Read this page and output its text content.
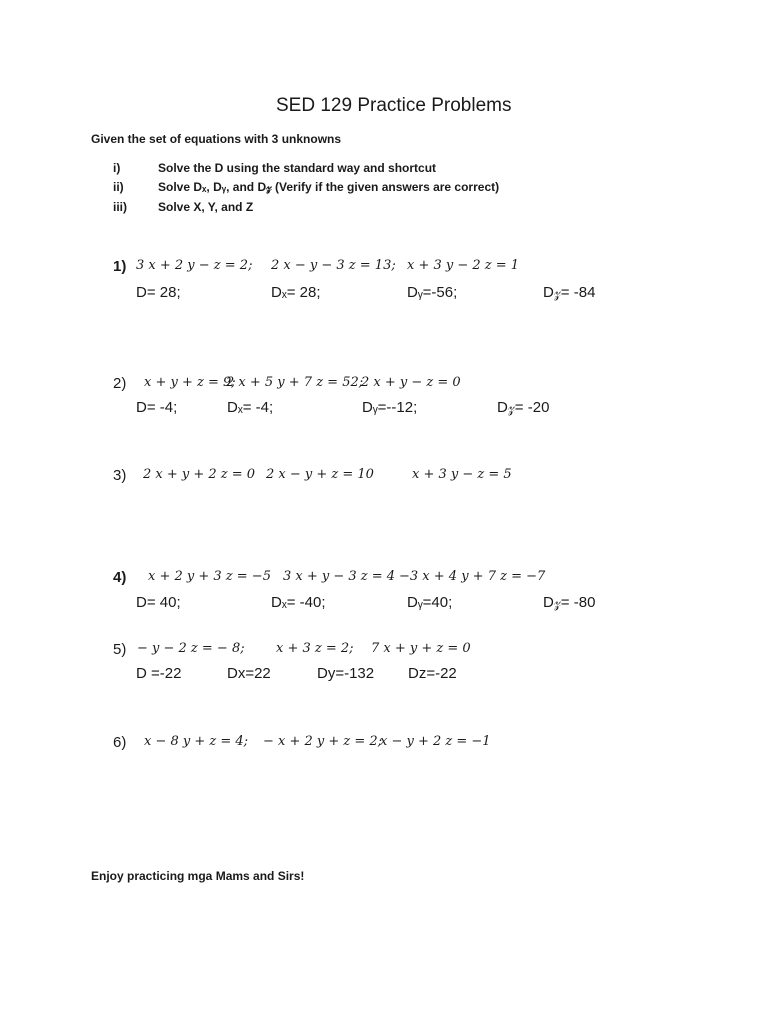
SED 129 Practice Problems
Given the set of equations with 3 unknowns
i)	Solve the D using the standard way and shortcut
ii)	Solve Dₓ, Dᵧ, and D𝓏 (Verify if the given answers are correct)
iii)	Solve X, Y, and Z
1) 3 x + 2 y − z = 2; 2 x − y − 3 z = 13; x + 3 y − 2 z = 1
D= 28;	Dₓ= 28;	Dᵧ=-56;	D𝓏= -84
2) x + y + z = 9;
2 x + 5 y + 7 z = 52;
2 x + y − z = 0
D= -4;	Dₓ= -4;	Dᵧ=--12;	D𝓏= -20
3) 2 x + y + 2 z = 0 2 x − y + z = 10	x + 3 y − z = 5
4) x + 2 y + 3 z = −5 3 x + y − 3 z = 4 −3 x + 4 y + 7 z = −7
D= 40;	Dₓ= -40;	Dᵧ=40;	D𝓏= -80
5) − y − 2 z = − 8; x + 3 z = 2; 7 x + y + z = 0
D =-22	Dx=22	Dy=-132 Dz=-22
6) x − 8 y + z = 4; − x + 2 y + z = 2;
x − y + 2 z = −1
Enjoy practicing mga Mams and Sirs!
